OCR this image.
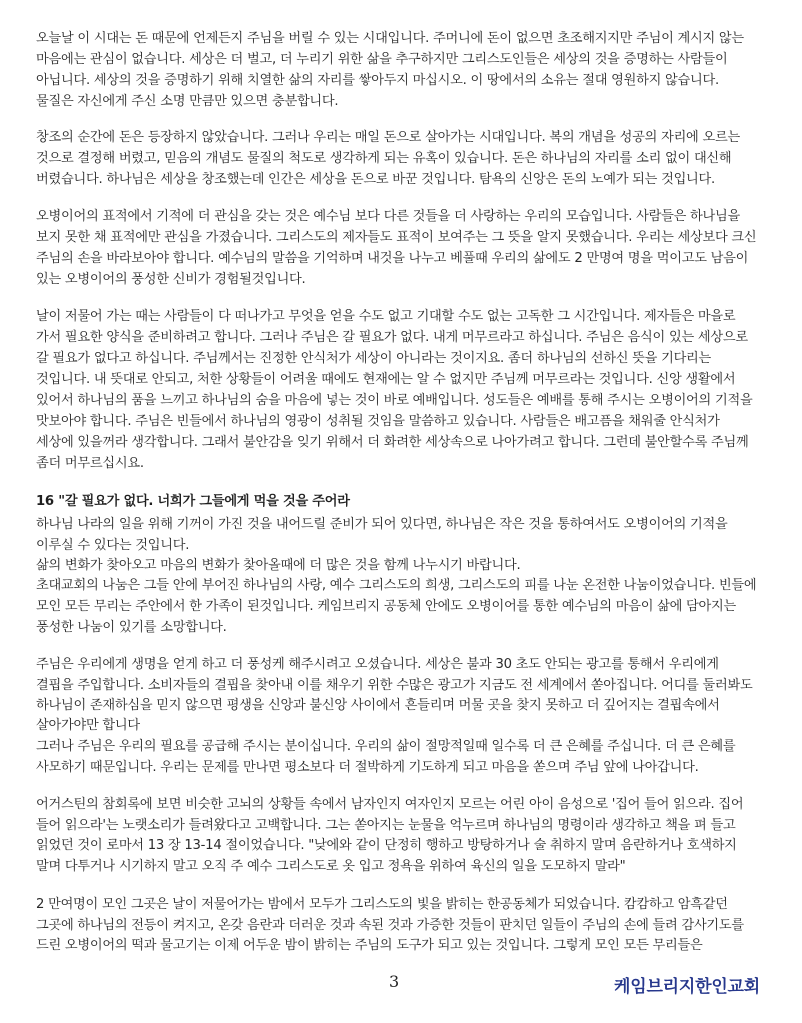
오늘날 이 시대는 돈 때문에 언제든지 주님을 버릴 수 있는 시대입니다. 주머니에 돈이 없으면 초조해지지만 주님이 계시지 않는
마음에는 관심이 없습니다. 세상은 더 벌고, 더 누리기 위한 삶을 추구하지만 그리스도인들은 세상의 것을 증명하는 사람들이
아닙니다. 세상의 것을 증명하기 위해 치열한 삶의 자리를 쌓아두지 마십시오. 이 땅에서의 소유는 절대 영원하지 않습니다.
물질은 자신에게 주신 소명 만큼만 있으면 충분합니다.
창조의 순간에 돈은 등장하지 않았습니다. 그러나 우리는 매일 돈으로 살아가는 시대입니다. 복의 개념을 성공의 자리에 오르는
것으로 결정해 버렸고, 믿음의 개념도 물질의 척도로 생각하게 되는 유혹이 있습니다. 돈은 하나님의 자리를 소리 없이 대신해
버렸습니다. 하나님은 세상을 창조했는데 인간은 세상을 돈으로 바꾼 것입니다. 탐욕의 신앙은 돈의 노예가 되는 것입니다.
오병이어의 표적에서 기적에 더 관심을 갖는 것은 예수님 보다 다른 것들을 더 사랑하는 우리의 모습입니다. 사람들은 하나님을
보지 못한 채 표적에만 관심을 가졌습니다. 그리스도의 제자들도 표적이 보여주는 그 뜻을 알지 못했습니다. 우리는 세상보다 크신
주님의 손을 바라보아야 합니다. 예수님의 말씀을 기억하며 내것을 나누고 베풀때 우리의 삶에도 2 만명여 명을 먹이고도 남음이
있는 오병이어의 풍성한 신비가 경험될것입니다.
날이 저물어 가는 때는 사람들이 다 떠나가고 무엇을 얻을 수도 없고 기대할 수도 없는 고독한 그 시간입니다. 제자들은 마을로
가서 필요한 양식을 준비하려고 합니다. 그러나 주님은 갈 필요가 없다. 내게 머무르라고 하십니다. 주님은 음식이 있는 세상으로
갈 필요가 없다고 하십니다. 주님께서는 진정한 안식처가 세상이 아니라는 것이지요. 좀더 하나님의 선하신 뜻을 기다리는
것입니다. 내 뜻대로 안되고, 처한 상황들이 어려울 때에도 현재에는 알 수 없지만 주님께 머무르라는 것입니다. 신앙 생활에서
있어서 하나님의 품을 느끼고 하나님의 숨을 마음에 넣는 것이 바로 예배입니다. 성도들은 예배를 통해 주시는 오병이어의 기적을
맛보아야 합니다. 주님은 빈들에서 하나님의 영광이 성취될 것임을 말씀하고 있습니다. 사람들은 배고픔을 채워줄 안식처가
세상에 있을꺼라 생각합니다. 그래서 불안감을 잊기 위해서 더 화려한 세상속으로 나아가려고 합니다. 그런데 불안할수록 주님께
좀더 머무르십시요.
16 "갈 필요가 없다. 너희가 그들에게 먹을 것을 주어라
하나님 나라의 일을 위해 기꺼이 가진 것을 내어드릴 준비가 되어 있다면, 하나님은 작은 것을 통하여서도 오병이어의 기적을
이루실 수 있다는 것입니다.
삶의 변화가 찾아오고 마음의 변화가 찾아올때에 더 많은 것을 함께 나누시기 바랍니다.
초대교회의 나눔은 그들 안에 부어진 하나님의 사랑, 예수 그리스도의 희생, 그리스도의 피를 나눈 온전한 나눔이었습니다. 빈들에
모인 모든 무리는 주안에서 한 가족이 된것입니다. 케임브리지 공동체 안에도 오병이어를 통한 예수님의 마음이 삶에 담아지는
풍성한 나눔이 있기를 소망합니다.
주님은 우리에게 생명을 얻게 하고 더 풍성케 해주시려고 오셨습니다. 세상은 불과 30 초도 안되는 광고를 통해서 우리에게
결핍을 주입합니다. 소비자들의 결핍을 찾아내 이를 채우기 위한 수많은 광고가 지금도 전 세계에서 쏟아집니다. 어디를 둘러봐도
하나님이 존재하심을 믿지 않으면 평생을 신앙과 불신앙 사이에서 흔들리며 머물 곳을 찾지 못하고 더 깊어지는 결핍속에서
살아가야만 합니다
그러나 주님은 우리의 필요를 공급해 주시는 분이십니다. 우리의 삶이 절망적일때 일수록 더 큰 은혜를 주십니다. 더 큰 은혜를
사모하기 때문입니다. 우리는 문제를 만나면 평소보다 더 절박하게 기도하게 되고 마음을 쏟으며 주님 앞에 나아갑니다.
어거스틴의 참회록에 보면 비슷한 고뇌의 상황들 속에서 남자인지 여자인지 모르는 어린 아이 음성으로 '집어 들어 읽으라. 집어
들어 읽으라'는 노랫소리가 들려왔다고 고백합니다. 그는 쏟아지는 눈물을 억누르며 하나님의 명령이라 생각하고 책을 펴 들고
읽었던 것이 로마서 13 장 13-14 절이었습니다. "낮에와 같이 단정히 행하고 방탕하거나 술 취하지 말며 음란하거나 호색하지
말며 다투거나 시기하지 말고 오직 주 예수 그리스도로 옷 입고 정욕을 위하여 육신의 일을 도모하지 말라"
2 만여명이 모인 그곳은 날이 저물어가는 밤에서 모두가 그리스도의 빛을 밝히는 한공동체가 되었습니다. 캄캄하고 암흑같던
그곳에 하나님의 전등이 켜지고, 온갖 음란과 더러운 것과 속된 것과 가증한 것들이 판치던 일들이 주님의 손에 들려 감사기도를
드린 오병이어의 떡과 물고기는 이제 어두운 밤이 밝히는 주님의 도구가 되고 있는 것입니다. 그렇게 모인 모든 무리들은
3	케임브리지한인교회
